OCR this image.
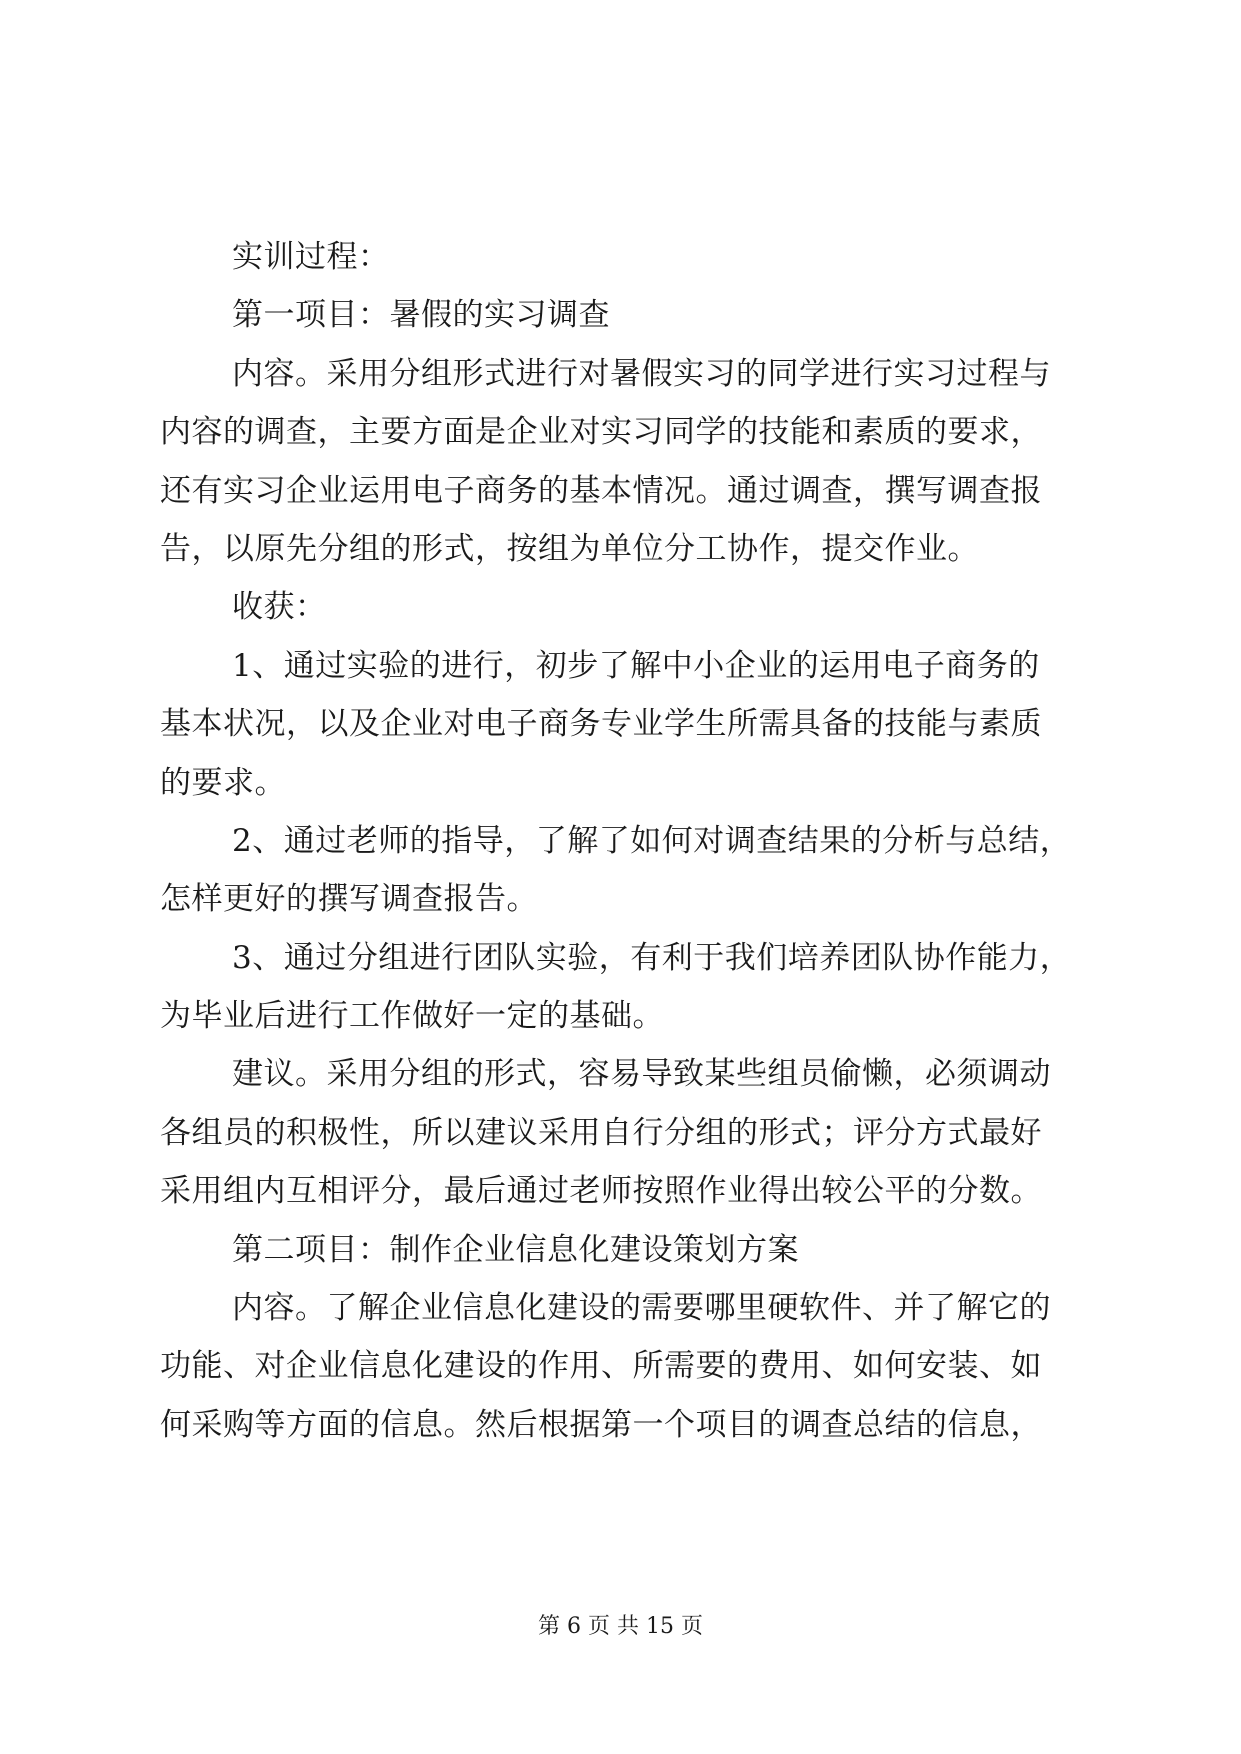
实训过程：
第一项目：暑假的实习调查
内容。采用分组形式进行对暑假实习的同学进行实习过程与
内容的调查，主要方面是企业对实习同学的技能和素质的要求，
还有实习企业运用电子商务的基本情况。通过调查，撰写调查报
告，以原先分组的形式，按组为单位分工协作，提交作业。
收获：
1、通过实验的进行，初步了解中小企业的运用电子商务的
基本状况，以及企业对电子商务专业学生所需具备的技能与素质
的要求。
2、通过老师的指导，了解了如何对调查结果的分析与总结，
怎样更好的撰写调查报告。
3、通过分组进行团队实验，有利于我们培养团队协作能力，
为毕业后进行工作做好一定的基础。
建议。采用分组的形式，容易导致某些组员偷懒，必须调动
各组员的积极性，所以建议采用自行分组的形式；评分方式最好
采用组内互相评分，最后通过老师按照作业得出较公平的分数。
第二项目：制作企业信息化建设策划方案
内容。了解企业信息化建设的需要哪里硬软件、并了解它的
功能、对企业信息化建设的作用、所需要的费用、如何安装、如
何采购等方面的信息。然后根据第一个项目的调查总结的信息，
第 6 页 共 15 页
